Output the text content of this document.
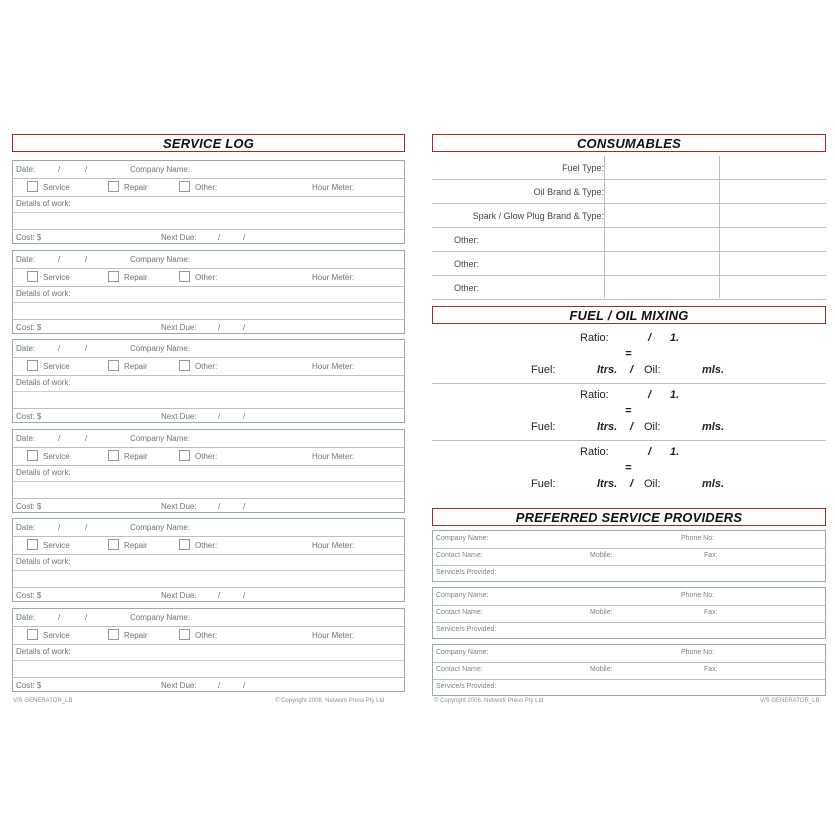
SERVICE LOG
Date:	/	/	Company Name:
Service	Repair	Other:	Hour Meter:
Details of work:
Cost: $	Next Due:	/	/
Date:	/	/	Company Name:
Service	Repair	Other:	Hour Meter:
Details of work:
Cost: $	Next Due:	/	/
Date:	/	/	Company Name:
Service	Repair	Other:	Hour Meter:
Details of work:
Cost: $	Next Due:	/	/
Date:	/	/	Company Name:
Service	Repair	Other:	Hour Meter:
Details of work:
Cost: $	Next Due:	/	/
Date:	/	/	Company Name:
Service	Repair	Other:	Hour Meter:
Details of work:
Cost: $	Next Due:	/	/
Date:	/	/	Company Name:
Service	Repair	Other:	Hour Meter:
Details of work:
Cost: $	Next Due:	/	/
CONSUMABLES
Fuel Type:
Oil Brand & Type:
Spark / Glow Plug Brand & Type:
Other:
Other:
Other:
FUEL / OIL MIXING
Ratio:	/ 1.
=
Fuel:	ltrs. / Oil:	mls.
Ratio:	/ 1.
=
Fuel:	ltrs. / Oil:	mls.
Ratio:	/ 1.
=
Fuel:	ltrs. / Oil:	mls.
PREFERRED SERVICE PROVIDERS
Company Name:	Phone No:
Contact Name:	Mobile:	Fax:
Service/s Provided:
Company Name:	Phone No:
Contact Name:	Mobile:	Fax:
Service/s Provided:
Company Name:	Phone No:
Contact Name:	Mobile:	Fax:
Service/s Provided:
V/S GENERATOR_LB	© Copyright 2006. Network Press Pty Ltd	© Copyright 2006. Network Press Pty Ltd	V/S GENERATOR_LB
